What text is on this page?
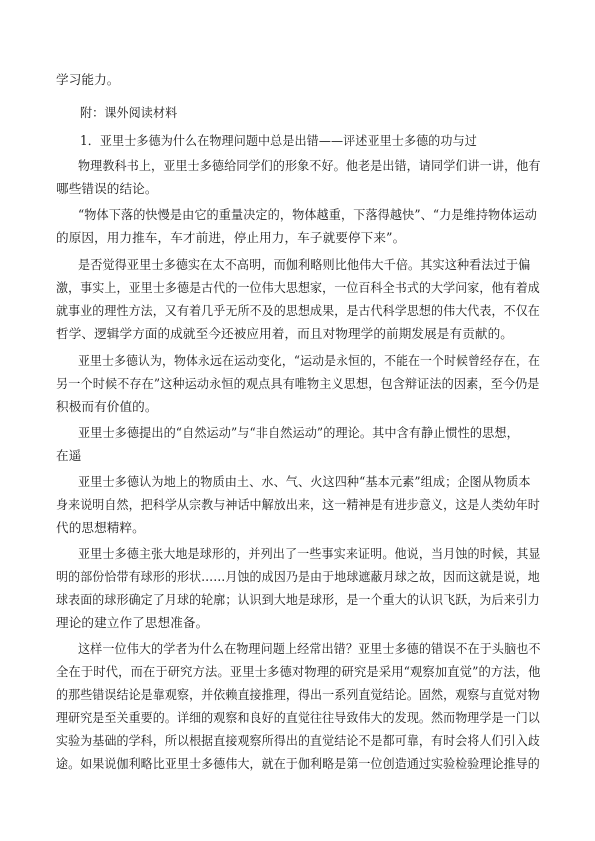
学习能力。
附：课外阅读材料
1．亚里士多德为什么在物理问题中总是出错——评述亚里士多德的功与过
物理教科书上，亚里士多德给同学们的形象不好。他老是出错，请同学们讲一讲，他有
哪些错误的结论。
“物体下落的快慢是由它的重量决定的，物体越重，下落得越快”、“力是维持物体运动
的原因，用力推车，车才前进，停止用力，车子就要停下来”。
是否觉得亚里士多德实在太不高明，而伽利略则比他伟大千倍。其实这种看法过于偏
激，事实上，亚里士多德是古代的一位伟大思想家，一位百科全书式的大学问家，他有着成
就事业的理性方法，又有着几乎无所不及的思想成果，是古代科学思想的伟大代表，不仅在
哲学、逻辑学方面的成就至今还被应用着，而且对物理学的前期发展是有贡献的。
亚里士多德认为，物体永远在运动变化，“运动是永恒的，不能在一个时候曾经存在，在
另一个时候不存在”这种运动永恒的观点具有唯物主义思想，包含辩证法的因素，至今仍是
积极而有价值的。
亚里士多德提出的“自然运动”与“非自然运动”的理论。其中含有静止惯性的思想，
在遥
亚里士多德认为地上的物质由土、水、气、火这四种“基本元素”组成；企图从物质本
身来说明自然，把科学从宗教与神话中解放出来，这一精神是有进步意义，这是人类幼年时
代的思想精粹。
亚里士多德主张大地是球形的，并列出了一些事实来证明。他说，当月蚀的时候，其显
明的部份恰带有球形的形状……月蚀的成因乃是由于地球遮蔽月球之故，因而这就是说，地
球表面的球形确定了月球的轮廓；认识到大地是球形，是一个重大的认识飞跃，为后来引力
理论的建立作了思想准备。
这样一位伟大的学者为什么在物理问题上经常出错？亚里士多德的错误不在于头脑也不
全在于时代，而在于研究方法。亚里士多德对物理的研究是采用“观察加直觉”的方法，他
的那些错误结论是靠观察，并依赖直接推理，得出一系列直觉结论。固然，观察与直觉对物
理研究是至关重要的。详细的观察和良好的直觉往往导致伟大的发现。然而物理学是一门以
实验为基础的学科，所以根据直接观察所得出的直觉结论不是都可靠，有时会将人们引入歧
途。如果说伽利略比亚里士多德伟大，就在于伽利略是第一位创造通过实验检验理论推导的
